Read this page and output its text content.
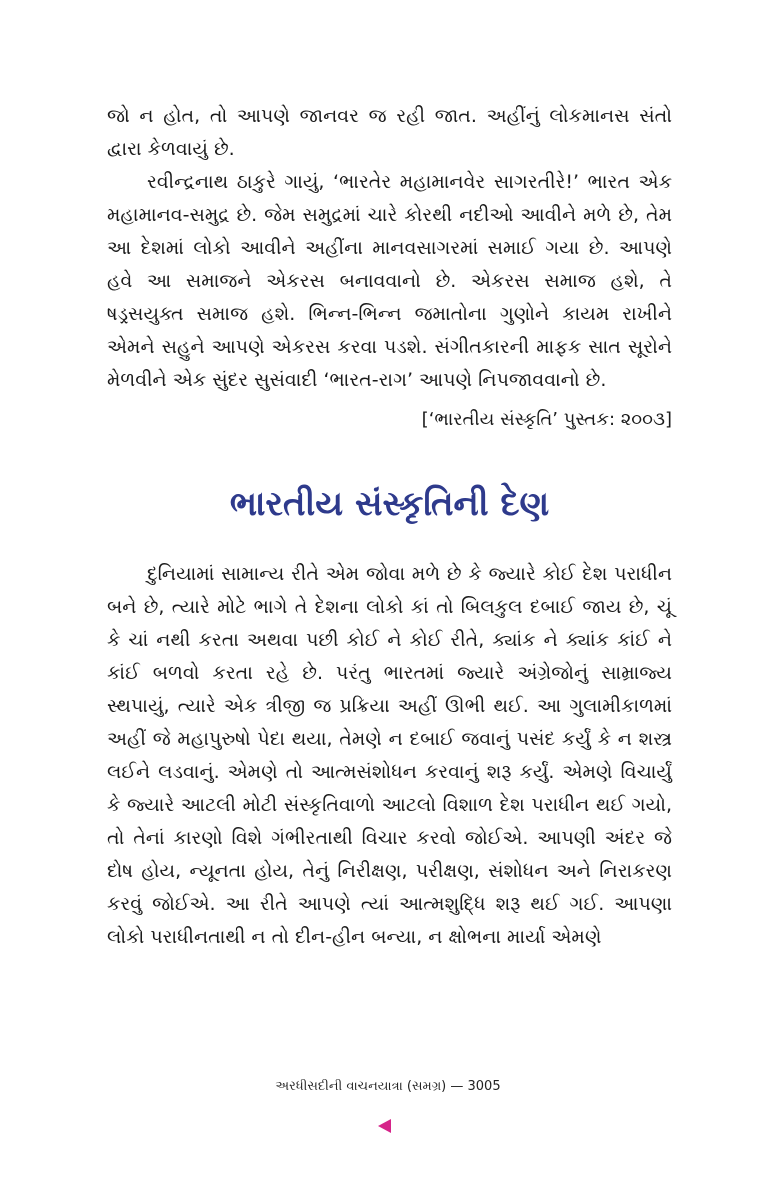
જો ન હોત, તો આપણે જાનવર જ રહી જાત. અહીંનું લોકમાનસ સંતો દ્વારા કેળવાયું છે.

રવીન્દ્રનાથ ઠાકુરે ગાયું, ‘ભારતેર મહામાનવેર સાગરતીરે!’ ભારત એક મહામાનવ-સમુદ્ર છે. જેમ સમુદ્રમાં ચારે કોરથી નદીઓ આવીને મળે છે, તેમ આ દેશમાં લોકો આવીને અહીંના માનવસાગરમાં સમાઈ ગયા છે. આપણે હવે આ સમાજને એકરસ બનાવવાનો છે. એકરસ સમાજ હશે, તે ષડ્રસયુક્ત સમાજ હશે. ભિન્ન-ભિન્ન જમાતોના ગુણોને કાયમ રાખીને એમને સહુને આપણે એકરસ કરવા પડશે. સંગીતકારની માફક સાત સૂરોને મેળવીને એક સુંદર સુસંવાદી ‘ભારત-રાગ’ આપણે નિપજાવવાનો છે.

[‘ભારતીય સંસ્કૃતિ’ પુસ્તક: ૨૦૦૩]

ભારતીય સંસ્કૃતિની દેણ

દુનિયામાં સામાન્ય રીતે એમ જોવા મળે છે કે જ્યારે કોઈ દેશ પરાધીન બને છે, ત્યારે મોટે ભાગે તે દેશના લોકો કાં તો બિલકુલ દબાઈ જાય છે, ચૂં કે ચાં નથી કરતા અથવા પછી કોઈ ને કોઈ રીતે, ક્યાંક ને ક્યાંક કાંઈ ને કાંઈ બળવો કરતા રહે છે. પરંતુ ભારતમાં જ્યારે અંગ્રેજોનું સામ્રાજ્ય સ્થપાયું, ત્યારે એક ત્રીજી જ પ્રક્રિયા અહીં ઊભી થઈ. આ ગુલામીકાળમાં અહીં જે મહાપુરુષો પેદા થયા, તેમણે ન દબાઈ જવાનું પસંદ કર્યું કે ન શસ્ત્ર લઈને લડવાનું. એમણે તો આત્મસંશોધન કરવાનું શરૂ કર્યું. એમણે વિચાર્યું કે જ્યારે આટલી મોટી સંસ્કૃતિવાળો આટલો વિશાળ દેશ પરાધીન થઈ ગયો, તો તેનાં કારણો વિશે ગંભીરતાથી વિચાર કરવો જોઈએ. આપણી અંદર જે દોષ હોય, ન્યૂનતા હોય, તેનું નિરીક્ષણ, પરીક્ષણ, સંશોધન અને નિરાકરણ કરવું જોઈએ. આ રીતે આપણે ત્યાં આત્મશુદ્ધિ શરૂ થઈ ગઈ. આપણા લોકો પરાધીનતાથી ન તો દીન-હીન બન્યા, ન ક્ષોભના માર્યા એમણે

અરધીસદીની વાચનયાત્રા (સમગ્ર) — 3005
